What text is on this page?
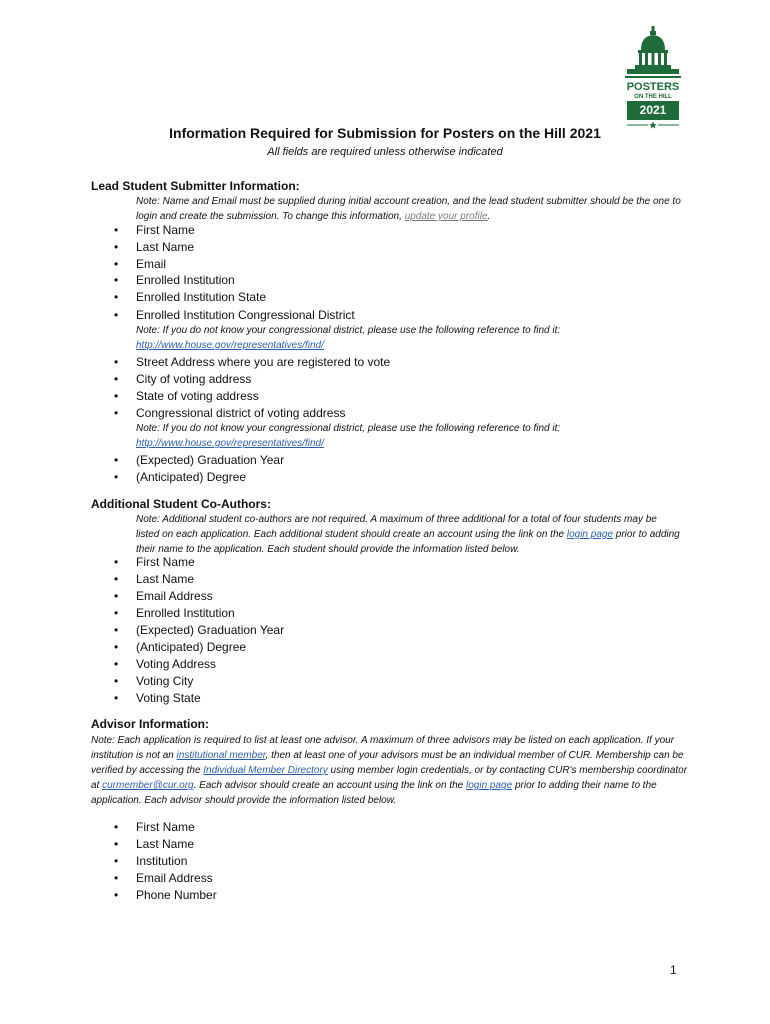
POSTERS
ON THE HILL
2021
Information Required for Submission for Posters on the Hill 2021
All fields are required unless otherwise indicated
Lead Student Submitter Information:
Note: Name and Email must be supplied during initial account creation, and the lead student submitter should be the one to login and create the submission. To change this information, update your profile.
•	First Name
•	Last Name
•	Email
•	Enrolled Institution
•	Enrolled Institution State
•	Enrolled Institution Congressional District
Note: If you do not know your congressional district, please use the following reference to find it:
http://www.house.gov/representatives/find/
•	Street Address where you are registered to vote
•	City of voting address
•	State of voting address
•	Congressional district of voting address
Note: If you do not know your congressional district, please use the following reference to find it:
http://www.house.gov/representatives/find/
•	(Expected) Graduation Year
•	(Anticipated) Degree
Additional Student Co-Authors:
Note: Additional student co-authors are not required. A maximum of three additional for a total of four students may be listed on each application. Each additional student should create an account using the link on the login page prior to adding their name to the application. Each student should provide the information listed below.
•	First Name
•	Last Name
•	Email Address
•	Enrolled Institution
•	(Expected) Graduation Year
•	(Anticipated) Degree
•	Voting Address
•	Voting City
•	Voting State
Advisor Information:
Note: Each application is required to list at least one advisor. A maximum of three advisors may be listed on each application. If your institution is not an institutional member, then at least one of your advisors must be an individual member of CUR. Membership can be verified by accessing the Individual Member Directory using member login credentials, or by contacting CUR's membership coordinator at curmember@cur.org. Each advisor should create an account using the link on the login page prior to adding their name to the application. Each advisor should provide the information listed below.
•	First Name
•	Last Name
•	Institution
•	Email Address
•	Phone Number
1
